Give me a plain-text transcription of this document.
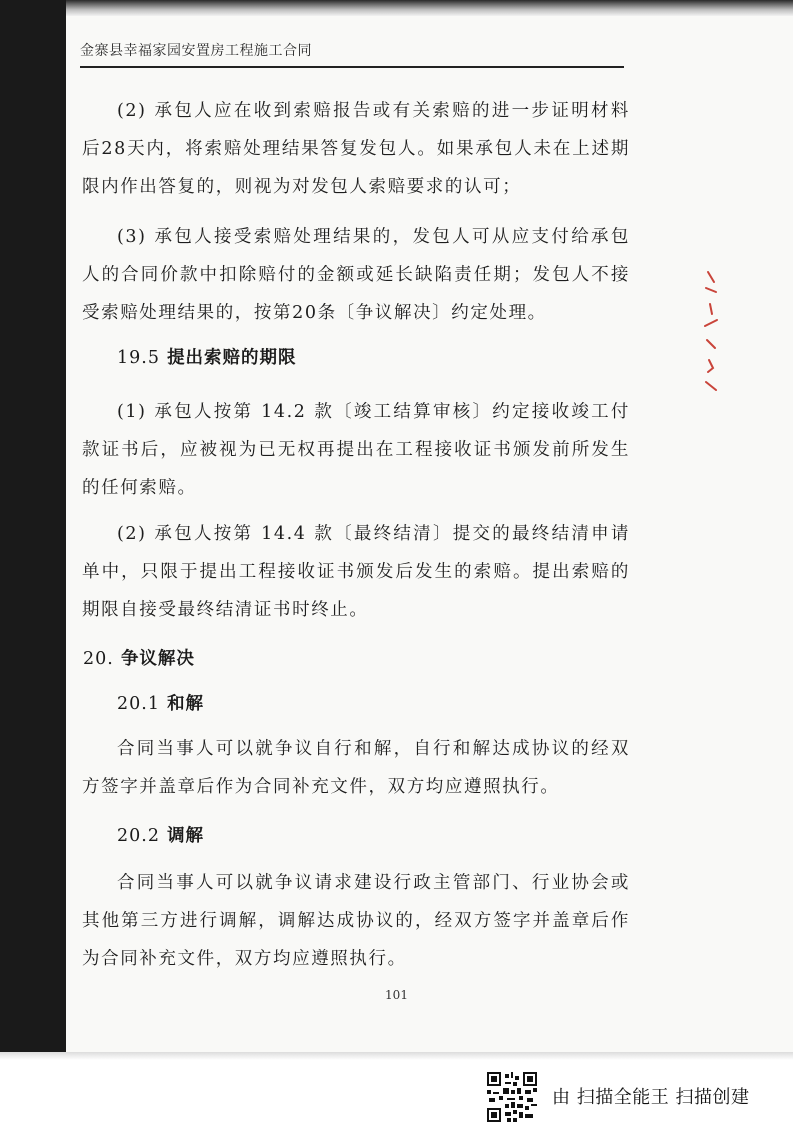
金寨县幸福家园安置房工程施工合同

(2) 承包人应在收到索赔报告或有关索赔的进一步证明材料后28天内，将索赔处理结果答复发包人。如果承包人未在上述期限内作出答复的，则视为对发包人索赔要求的认可；

(3) 承包人接受索赔处理结果的，发包人可从应支付给承包人的合同价款中扣除赔付的金额或延长缺陷责任期；发包人不接受索赔处理结果的，按第20条〔争议解决〕约定处理。

19.5 提出索赔的期限

(1) 承包人按第 14.2 款〔竣工结算审核〕约定接收竣工付款证书后，应被视为已无权再提出在工程接收证书颁发前所发生的任何索赔。

(2) 承包人按第 14.4 款〔最终结清〕提交的最终结清申请单中，只限于提出工程接收证书颁发后发生的索赔。提出索赔的期限自接受最终结清证书时终止。

20. 争议解决
20.1 和解

合同当事人可以就争议自行和解，自行和解达成协议的经双方签字并盖章后作为合同补充文件，双方均应遵照执行。

20.2 调解

合同当事人可以就争议请求建设行政主管部门、行业协会或其他第三方进行调解，调解达成协议的，经双方签字并盖章后作为合同补充文件，双方均应遵照执行。

101
由 扫描全能王 扫描创建
